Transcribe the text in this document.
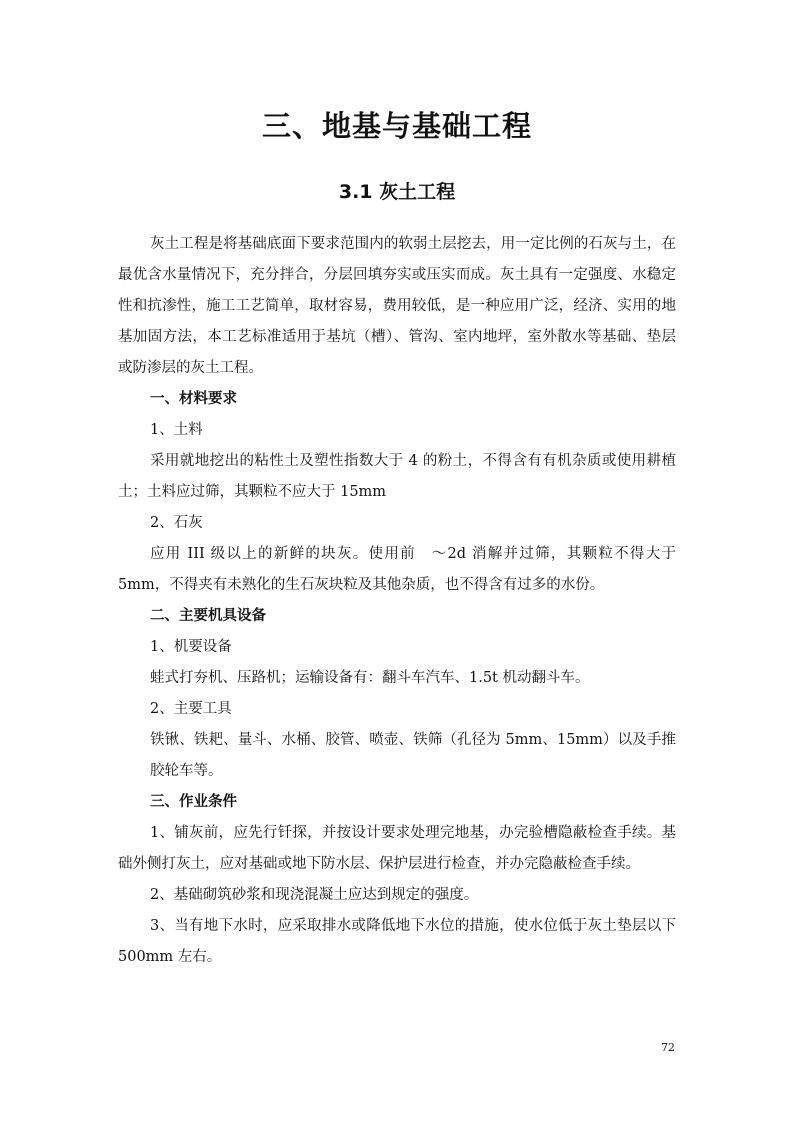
三、地基与基础工程
3.1 灰土工程

灰土工程是将基础底面下要求范围内的软弱土层挖去，用一定比例的石灰与土，在最优含水量情况下，充分拌合，分层回填夯实或压实而成。灰土具有一定强度、水稳定性和抗渗性，施工工艺简单，取材容易，费用较低，是一种应用广泛，经济、实用的地基加固方法，本工艺标准适用于基坑（槽）、管沟、室内地坪，室外散水等基础、垫层或防渗层的灰土工程。

一、材料要求

1、土料

采用就地挖出的粘性土及塑性指数大于 4 的粉土，不得含有有机杂质或使用耕植土；土料应过筛，其颗粒不应大于 15mm

2、石灰

应用 III 级以上的新鲜的块灰。使用前　～2d 消解并过筛，其颗粒不得大于 5mm，不得夹有未熟化的生石灰块粒及其他杂质，也不得含有过多的水份。

二、主要机具设备

1、机要设备

蛙式打夯机、压路机；运输设备有：翻斗车汽车、1.5t 机动翻斗车。

2、主要工具

铁锹、铁耙、量斗、水桶、胶管、喷壶、铁筛（孔径为 5mm、15mm）以及手推胶轮车等。

三、作业条件

1、铺灰前，应先行钎探，并按设计要求处理完地基，办完验槽隐蔽检查手续。基础外侧打灰土，应对基础或地下防水层、保护层进行检查，并办完隐蔽检查手续。

2、基础砌筑砂浆和现浇混凝土应达到规定的强度。

3、当有地下水时，应采取排水或降低地下水位的措施，使水位低于灰土垫层以下 500mm 左右。

72
